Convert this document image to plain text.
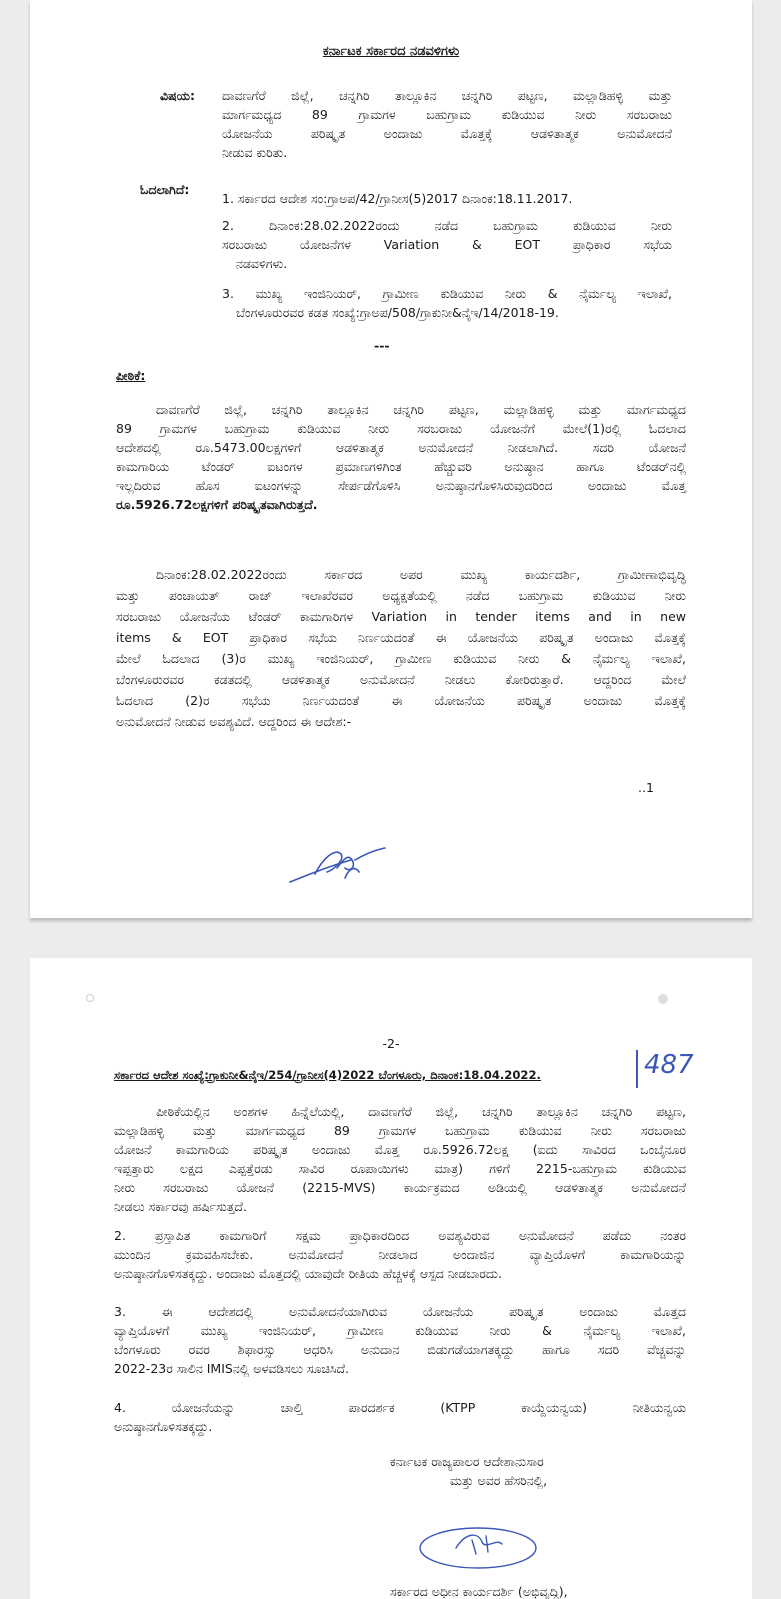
ಕರ್ನಾಟಕ ಸರ್ಕಾರದ ನಡವಳಿಗಳು
ವಿಷಯ: ದಾವಣಗೆರೆ ಜಿಲ್ಲೆ, ಚನ್ನಗಿರಿ ತಾಲ್ಲೂಕಿನ ಚನ್ನಗಿರಿ ಪಟ್ಟಣ, ಮಲ್ಲಾಡಿಹಳ್ಳಿ ಮತ್ತು
ಮಾರ್ಗಮಧ್ಯದ 89 ಗ್ರಾಮಗಳ ಬಹುಗ್ರಾಮ ಕುಡಿಯುವ ನೀರು ಸರಬರಾಜು
ಯೋಜನೆಯ ಪರಿಷ್ಕೃತ ಅಂದಾಜು ಮೊತ್ತಕ್ಕೆ ಆಡಳಿತಾತ್ಮಕ ಅನುಮೋದನೆ
ನೀಡುವ ಕುರಿತು.
ಓದಲಾಗಿದೆ:
1. ಸರ್ಕಾರದ ಆದೇಶ ಸಂ:ಗ್ರಾಅಪ/42/ಗ್ರಾನೀಸ(5)2017 ದಿನಾಂಕ:18.11.2017.
2. ದಿನಾಂಕ:28.02.2022ರಂದು ನಡೆದ ಬಹುಗ್ರಾಮ ಕುಡಿಯುವ ನೀರು
ಸರಬರಾಜು ಯೋಜನೆಗಳ Variation & EOT ಪ್ರಾಧಿಕಾರ ಸಭೆಯ
ನಡವಳಿಗಳು.
3. ಮುಖ್ಯ ಇಂಜಿನಿಯರ್, ಗ್ರಾಮೀಣ ಕುಡಿಯುವ ನೀರು & ನೈರ್ಮಲ್ಯ ಇಲಾಖೆ,
ಬೆಂಗಳೂರುರವರ ಕಡತ ಸಂಖ್ಯೆ:ಗ್ರಾಅಪ/508/ಗ್ರಾಕುನೀ&ನೈಇ/14/2018-19.
---
ಪೀಠಿಕೆ:
ದಾವಣಗೆರೆ ಜಿಲ್ಲೆ, ಚನ್ನಗಿರಿ ತಾಲ್ಲೂಕಿನ ಚನ್ನಗಿರಿ ಪಟ್ಟಣ, ಮಲ್ಲಾಡಿಹಳ್ಳಿ ಮತ್ತು ಮಾರ್ಗಮಧ್ಯದ
89 ಗ್ರಾಮಗಳ ಬಹುಗ್ರಾಮ ಕುಡಿಯುವ ನೀರು ಸರಬರಾಜು ಯೋಜನೆಗೆ ಮೇಲೆ(1)ರಲ್ಲಿ ಓದಲಾದ
ಆದೇಶದಲ್ಲಿ ರೂ.5473.00ಲಕ್ಷಗಳಿಗೆ ಆಡಳಿತಾತ್ಮಕ ಅನುಮೋದನೆ ನೀಡಲಾಗಿದೆ. ಸದರಿ ಯೋಜನೆ
ಕಾಮಗಾರಿಯ ಟೆಂಡರ್ ಐಟಂಗಳ ಪ್ರಮಾಣಗಳಿಗಿಂತ ಹೆಚ್ಚುವರಿ ಅನುಷ್ಠಾನ ಹಾಗೂ ಟೆಂಡರ್‌ನಲ್ಲಿ
ಇಲ್ಲದಿರುವ ಹೊಸ ಐಟಂಗಳನ್ನು ಸೇರ್ಪಡೆಗೊಳಿಸಿ ಅನುಷ್ಠಾನಗೊಳಿಸಿರುವುದರಿಂದ ಅಂದಾಜು ಮೊತ್ತ
ರೂ.5926.72ಲಕ್ಷಗಳಿಗೆ ಪರಿಷ್ಕೃತವಾಗಿರುತ್ತದೆ.
ದಿನಾಂಕ:28.02.2022ರಂದು ಸರ್ಕಾರದ ಅಪರ ಮುಖ್ಯ ಕಾರ್ಯದರ್ಶಿ, ಗ್ರಾಮೀಣಾಭಿವೃದ್ಧಿ
ಮತ್ತು ಪಂಚಾಯತ್ ರಾಜ್ ಇಲಾಖೆರವರ ಅಧ್ಯಕ್ಷತೆಯಲ್ಲಿ ನಡೆದ ಬಹುಗ್ರಾಮ ಕುಡಿಯುವ ನೀರು
ಸರಬರಾಜು ಯೋಜನೆಯ ಟೆಂಡರ್ ಕಾಮಗಾರಿಗಳ Variation in tender items and in new
items & EOT ಪ್ರಾಧಿಕಾರ ಸಭೆಯ ನಿರ್ಣಯದಂತೆ ಈ ಯೋಜನೆಯ ಪರಿಷ್ಕೃತ ಅಂದಾಜು ಮೊತ್ತಕ್ಕೆ
ಮೇಲೆ ಓದಲಾದ (3)ರ ಮುಖ್ಯ ಇಂಜಿನಿಯರ್, ಗ್ರಾಮೀಣ ಕುಡಿಯುವ ನೀರು & ನೈರ್ಮಲ್ಯ ಇಲಾಖೆ,
ಬೆಂಗಳೂರುರವರ ಕಡತದಲ್ಲಿ ಆಡಳಿತಾತ್ಮಕ ಅನುಮೋದನೆ ನೀಡಲು ಕೋರಿರುತ್ತಾರೆ. ಆದ್ದರಿಂದ ಮೇಲೆ
ಓದಲಾದ (2)ರ ಸಭೆಯ ನಿರ್ಣಯದಂತೆ ಈ ಯೋಜನೆಯ ಪರಿಷ್ಕೃತ ಅಂದಾಜು ಮೊತ್ತಕ್ಕೆ
ಅನುಮೋದನೆ ನೀಡುವ ಅವಶ್ಯವಿದೆ. ಆದ್ದರಿಂದ ಈ ಆದೇಶ:-
..1
-2-
ಸರ್ಕಾರದ ಆದೇಶ ಸಂಖ್ಯೆ:ಗ್ರಾಕುನೀ&ನೈಇ/254/ಗ್ರಾನೀಸ(4)2022 ಬೆಂಗಳೂರು, ದಿನಾಂಕ:18.04.2022.	487
ಪೀಠಿಕೆಯಲ್ಲಿನ ಅಂಶಗಳ ಹಿನ್ನೆಲೆಯಲ್ಲಿ, ದಾವಣಗೆರೆ ಜಿಲ್ಲೆ, ಚನ್ನಗಿರಿ ತಾಲ್ಲೂಕಿನ ಚನ್ನಗಿರಿ ಪಟ್ಟಣ,
ಮಲ್ಲಾಡಿಹಳ್ಳಿ ಮತ್ತು ಮಾರ್ಗಮಧ್ಯದ 89 ಗ್ರಾಮಗಳ ಬಹುಗ್ರಾಮ ಕುಡಿಯುವ ನೀರು ಸರಬರಾಜು
ಯೋಜನೆ ಕಾಮಗಾರಿಯ ಪರಿಷ್ಕೃತ ಅಂದಾಜು ಮೊತ್ತ ರೂ.5926.72ಲಕ್ಷ (ಐದು ಸಾವಿರದ ಒಂಬೈನೂರ
ಇಪ್ಪತ್ತಾರು ಲಕ್ಷದ ಎಪ್ಪತ್ತೆರಡು ಸಾವಿರ ರೂಪಾಯಿಗಳು ಮಾತ್ರ) ಗಳಿಗೆ 2215-ಬಹುಗ್ರಾಮ ಕುಡಿಯುವ
ನೀರು ಸರಬರಾಜು ಯೋಜನೆ (2215-MVS) ಕಾರ್ಯಕ್ರಮದ ಅಡಿಯಲ್ಲಿ ಆಡಳಿತಾತ್ಮಕ ಅನುಮೋದನೆ
ನೀಡಲು ಸರ್ಕಾರವು ಹರ್ಷಿಸುತ್ತದೆ.
2. ಪ್ರಸ್ತಾಪಿತ ಕಾಮಗಾರಿಗೆ ಸಕ್ಷಮ ಪ್ರಾಧಿಕಾರದಿಂದ ಅವಶ್ಯವಿರುವ ಅನುಮೋದನೆ ಪಡೆದು ನಂತರ
ಮುಂದಿನ ಕ್ರಮವಹಿಸಬೇಕು. ಅನುಮೋದನೆ ನೀಡಲಾದ ಅಂದಾಜಿನ ವ್ಯಾಪ್ತಿಯೊಳಗೆ ಕಾಮಗಾರಿಯನ್ನು
ಅನುಷ್ಠಾನಗೊಳಿಸತಕ್ಕದ್ದು. ಅಂದಾಜು ಮೊತ್ತದಲ್ಲಿ ಯಾವುದೇ ರೀತಿಯ ಹೆಚ್ಚಳಕ್ಕೆ ಆಸ್ಪದ ನೀಡಬಾರದು.
3. ಈ ಆದೇಶದಲ್ಲಿ ಅನುಮೋದನೆಯಾಗಿರುವ ಯೋಜನೆಯ ಪರಿಷ್ಕೃತ ಅಂದಾಜು ಮೊತ್ತದ
ವ್ಯಾಪ್ತಿಯೊಳಗೆ ಮುಖ್ಯ ಇಂಜಿನಿಯರ್, ಗ್ರಾಮೀಣ ಕುಡಿಯುವ ನೀರು & ನೈರ್ಮಲ್ಯ ಇಲಾಖೆ,
ಬೆಂಗಳೂರು ರವರ ಶಿಫಾರಸ್ಸು ಆಧರಿಸಿ ಅನುದಾನ ಬಿಡುಗಡೆಯಾಗತಕ್ಕದ್ದು ಹಾಗೂ ಸದರಿ ವೆಚ್ಚವನ್ನು
2022-23ರ ಸಾಲಿನ IMISನಲ್ಲಿ ಅಳವಡಿಸಲು ಸೂಚಿಸಿದೆ.
4. ಯೋಜನೆಯನ್ನು ಚಾಲ್ತಿ ಪಾರದರ್ಶಕ (KTPP ಕಾಯ್ದೆಯನ್ವಯ) ನೀತಿಯನ್ವಯ
ಅನುಷ್ಠಾನಗೊಳಿಸತಕ್ಕದ್ದು.
ಕರ್ನಾಟಕ ರಾಜ್ಯಪಾಲರ ಆದೇಶಾನುಸಾರ
ಮತ್ತು ಅವರ ಹೆಸರಿನಲ್ಲಿ,
ಸರ್ಕಾರದ ಅಧೀನ ಕಾರ್ಯದರ್ಶಿ (ಅಭಿವೃದ್ಧಿ),
